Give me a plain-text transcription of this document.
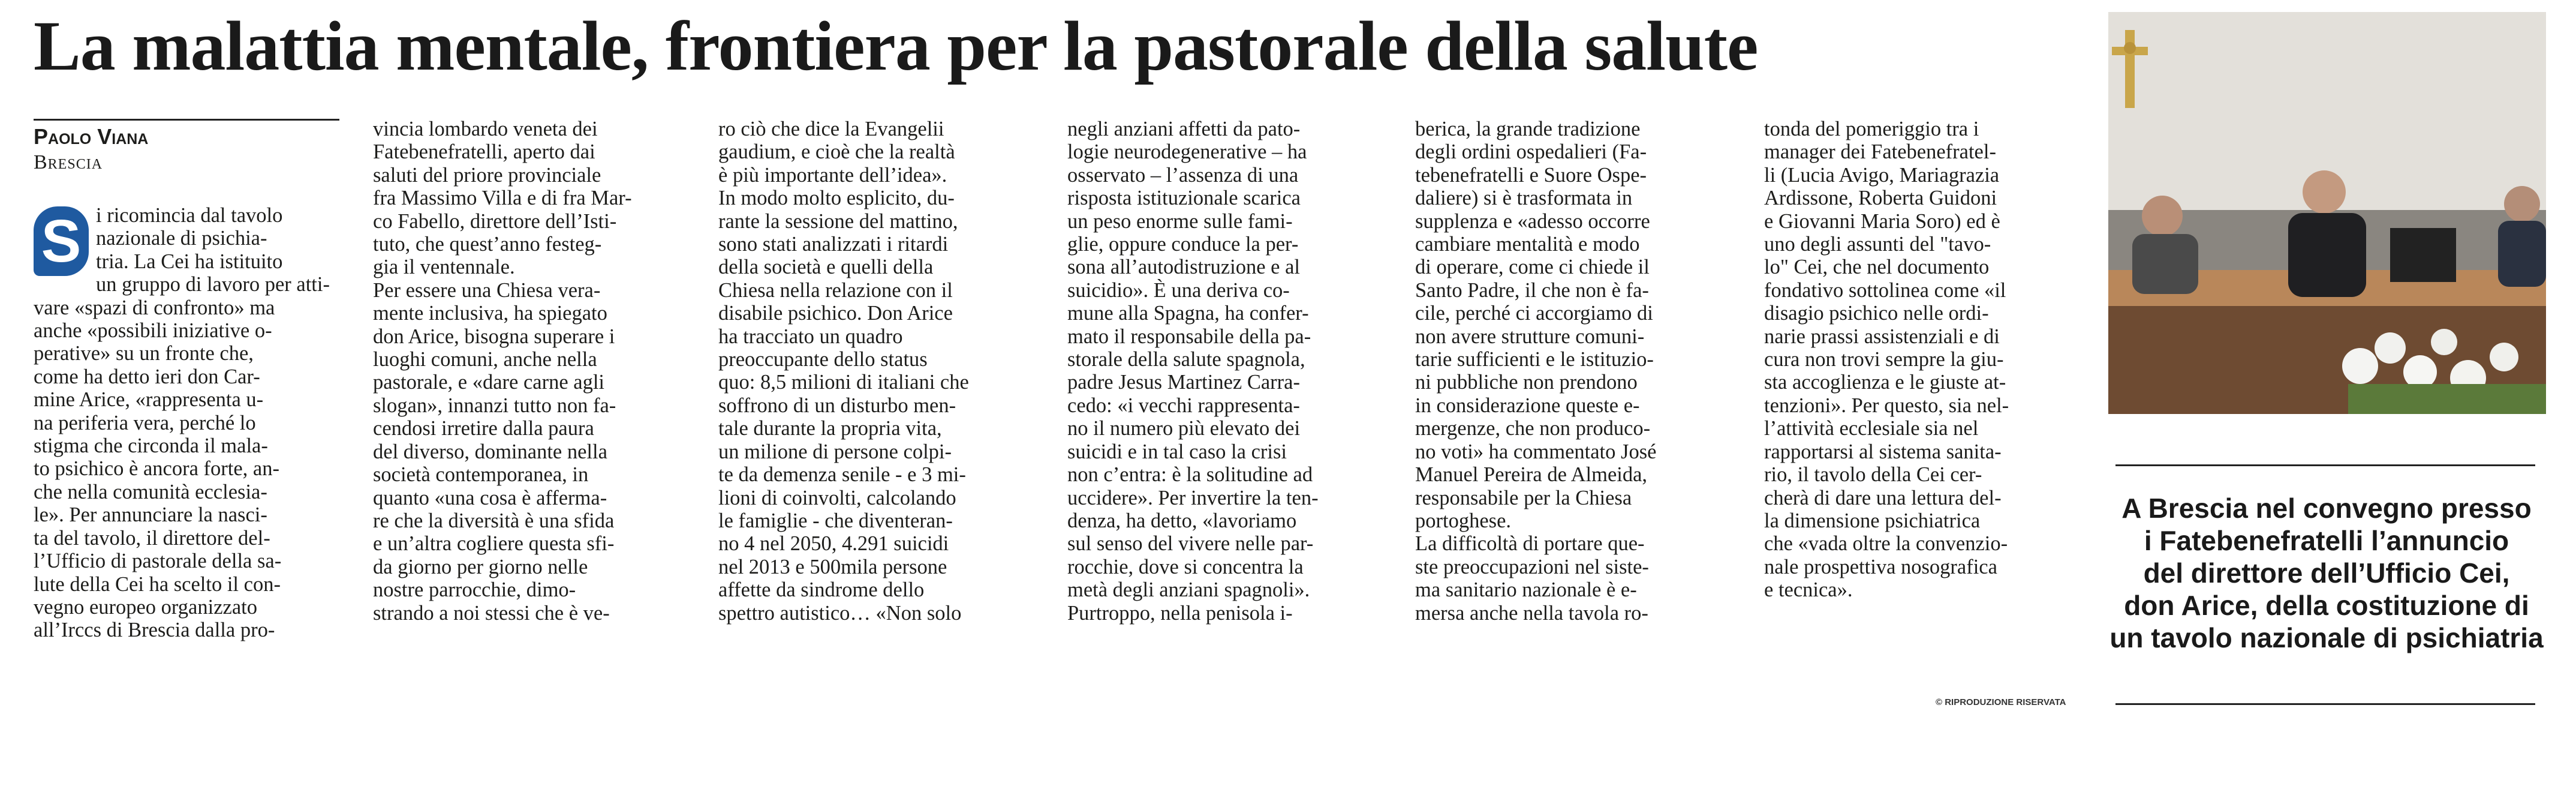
La malattia mentale, frontiera per la pastorale della salute
Paolo Viana
Brescia
S i ricomincia dal tavolo
nazionale di psichia-
tria. La Cei ha istituito
un gruppo di lavoro per atti-
vare «spazi di confronto» ma
anche «possibili iniziative o-
perative» su un fronte che,
come ha detto ieri don Car-
mine Arice, «rappresenta u-
na periferia vera, perché lo
stigma che circonda il mala-
to psichico è ancora forte, an-
che nella comunità ecclesia-
le». Per annunciare la nasci-
ta del tavolo, il direttore del-
l’Ufficio di pastorale della sa-
lute della Cei ha scelto il con-
vegno europeo organizzato
all’Irccs di Brescia dalla pro-
vincia lombardo veneta dei
Fatebenefratelli, aperto dai
saluti del priore provinciale
fra Massimo Villa e di fra Mar-
co Fabello, direttore dell’Isti-
tuto, che quest’anno festeg-
gia il ventennale.
Per essere una Chiesa vera-
mente inclusiva, ha spiegato
don Arice, bisogna superare i
luoghi comuni, anche nella
pastorale, e «dare carne agli
slogan», innanzi tutto non fa-
cendosi irretire dalla paura
del diverso, dominante nella
società contemporanea, in
quanto «una cosa è afferma-
re che la diversità è una sfida
e un’altra cogliere questa sfi-
da giorno per giorno nelle
nostre parrocchie, dimo-
strando a noi stessi che è ve-
ro ciò che dice la Evangelii
gaudium, e cioè che la realtà
è più importante dell’idea».
In modo molto esplicito, du-
rante la sessione del mattino,
sono stati analizzati i ritardi
della società e quelli della
Chiesa nella relazione con il
disabile psichico. Don Arice
ha tracciato un quadro
preoccupante dello status
quo: 8,5 milioni di italiani che
soffrono di un disturbo men-
tale durante la propria vita,
un milione di persone colpi-
te da demenza senile - e 3 mi-
lioni di coinvolti, calcolando
le famiglie - che diventeran-
no 4 nel 2050, 4.291 suicidi
nel 2013 e 500mila persone
affette da sindrome dello
spettro autistico… «Non solo
negli anziani affetti da pato-
logie neurodegenerative – ha
osservato – l’assenza di una
risposta istituzionale scarica
un peso enorme sulle fami-
glie, oppure conduce la per-
sona all’autodistruzione e al
suicidio». È una deriva co-
mune alla Spagna, ha confer-
mato il responsabile della pa-
storale della salute spagnola,
padre Jesus Martinez Carra-
cedo: «i vecchi rappresenta-
no il numero più elevato dei
suicidi e in tal caso la crisi
non c’entra: è la solitudine ad
uccidere». Per invertire la ten-
denza, ha detto, «lavoriamo
sul senso del vivere nelle par-
rocchie, dove si concentra la
metà degli anziani spagnoli».
Purtroppo, nella penisola i-
berica, la grande tradizione
degli ordini ospedalieri (Fa-
tebenefratelli e Suore Ospe-
daliere) si è trasformata in
supplenza e «adesso occorre
cambiare mentalità e modo
di operare, come ci chiede il
Santo Padre, il che non è fa-
cile, perché ci accorgiamo di
non avere strutture comuni-
tarie sufficienti e le istituzio-
ni pubbliche non prendono
in considerazione queste e-
mergenze, che non produco-
no voti» ha commentato José
Manuel Pereira de Almeida,
responsabile per la Chiesa
portoghese.
La difficoltà di portare que-
ste preoccupazioni nel siste-
ma sanitario nazionale è e-
mersa anche nella tavola ro-
tonda del pomeriggio tra i
manager dei Fatebenefratel-
li (Lucia Avigo, Mariagrazia
Ardissone, Roberta Guidoni
e Giovanni Maria Soro) ed è
uno degli assunti del "tavo-
lo" Cei, che nel documento
fondativo sottolinea come «il
disagio psichico nelle ordi-
narie prassi assistenziali e di
cura non trovi sempre la giu-
sta accoglienza e le giuste at-
tenzioni». Per questo, sia nel-
l’attività ecclesiale sia nel
rapportarsi al sistema sanita-
rio, il tavolo della Cei cer-
cherà di dare una lettura del-
la dimensione psichiatrica
che «vada oltre la convenzio-
nale prospettiva nosografica
e tecnica».
A Brescia nel convegno presso
i Fatebenefratelli l’annuncio
del direttore dell’Ufficio Cei,
don Arice, della costituzione di
un tavolo nazionale di psichiatria
© RIPRODUZIONE RISERVATA
